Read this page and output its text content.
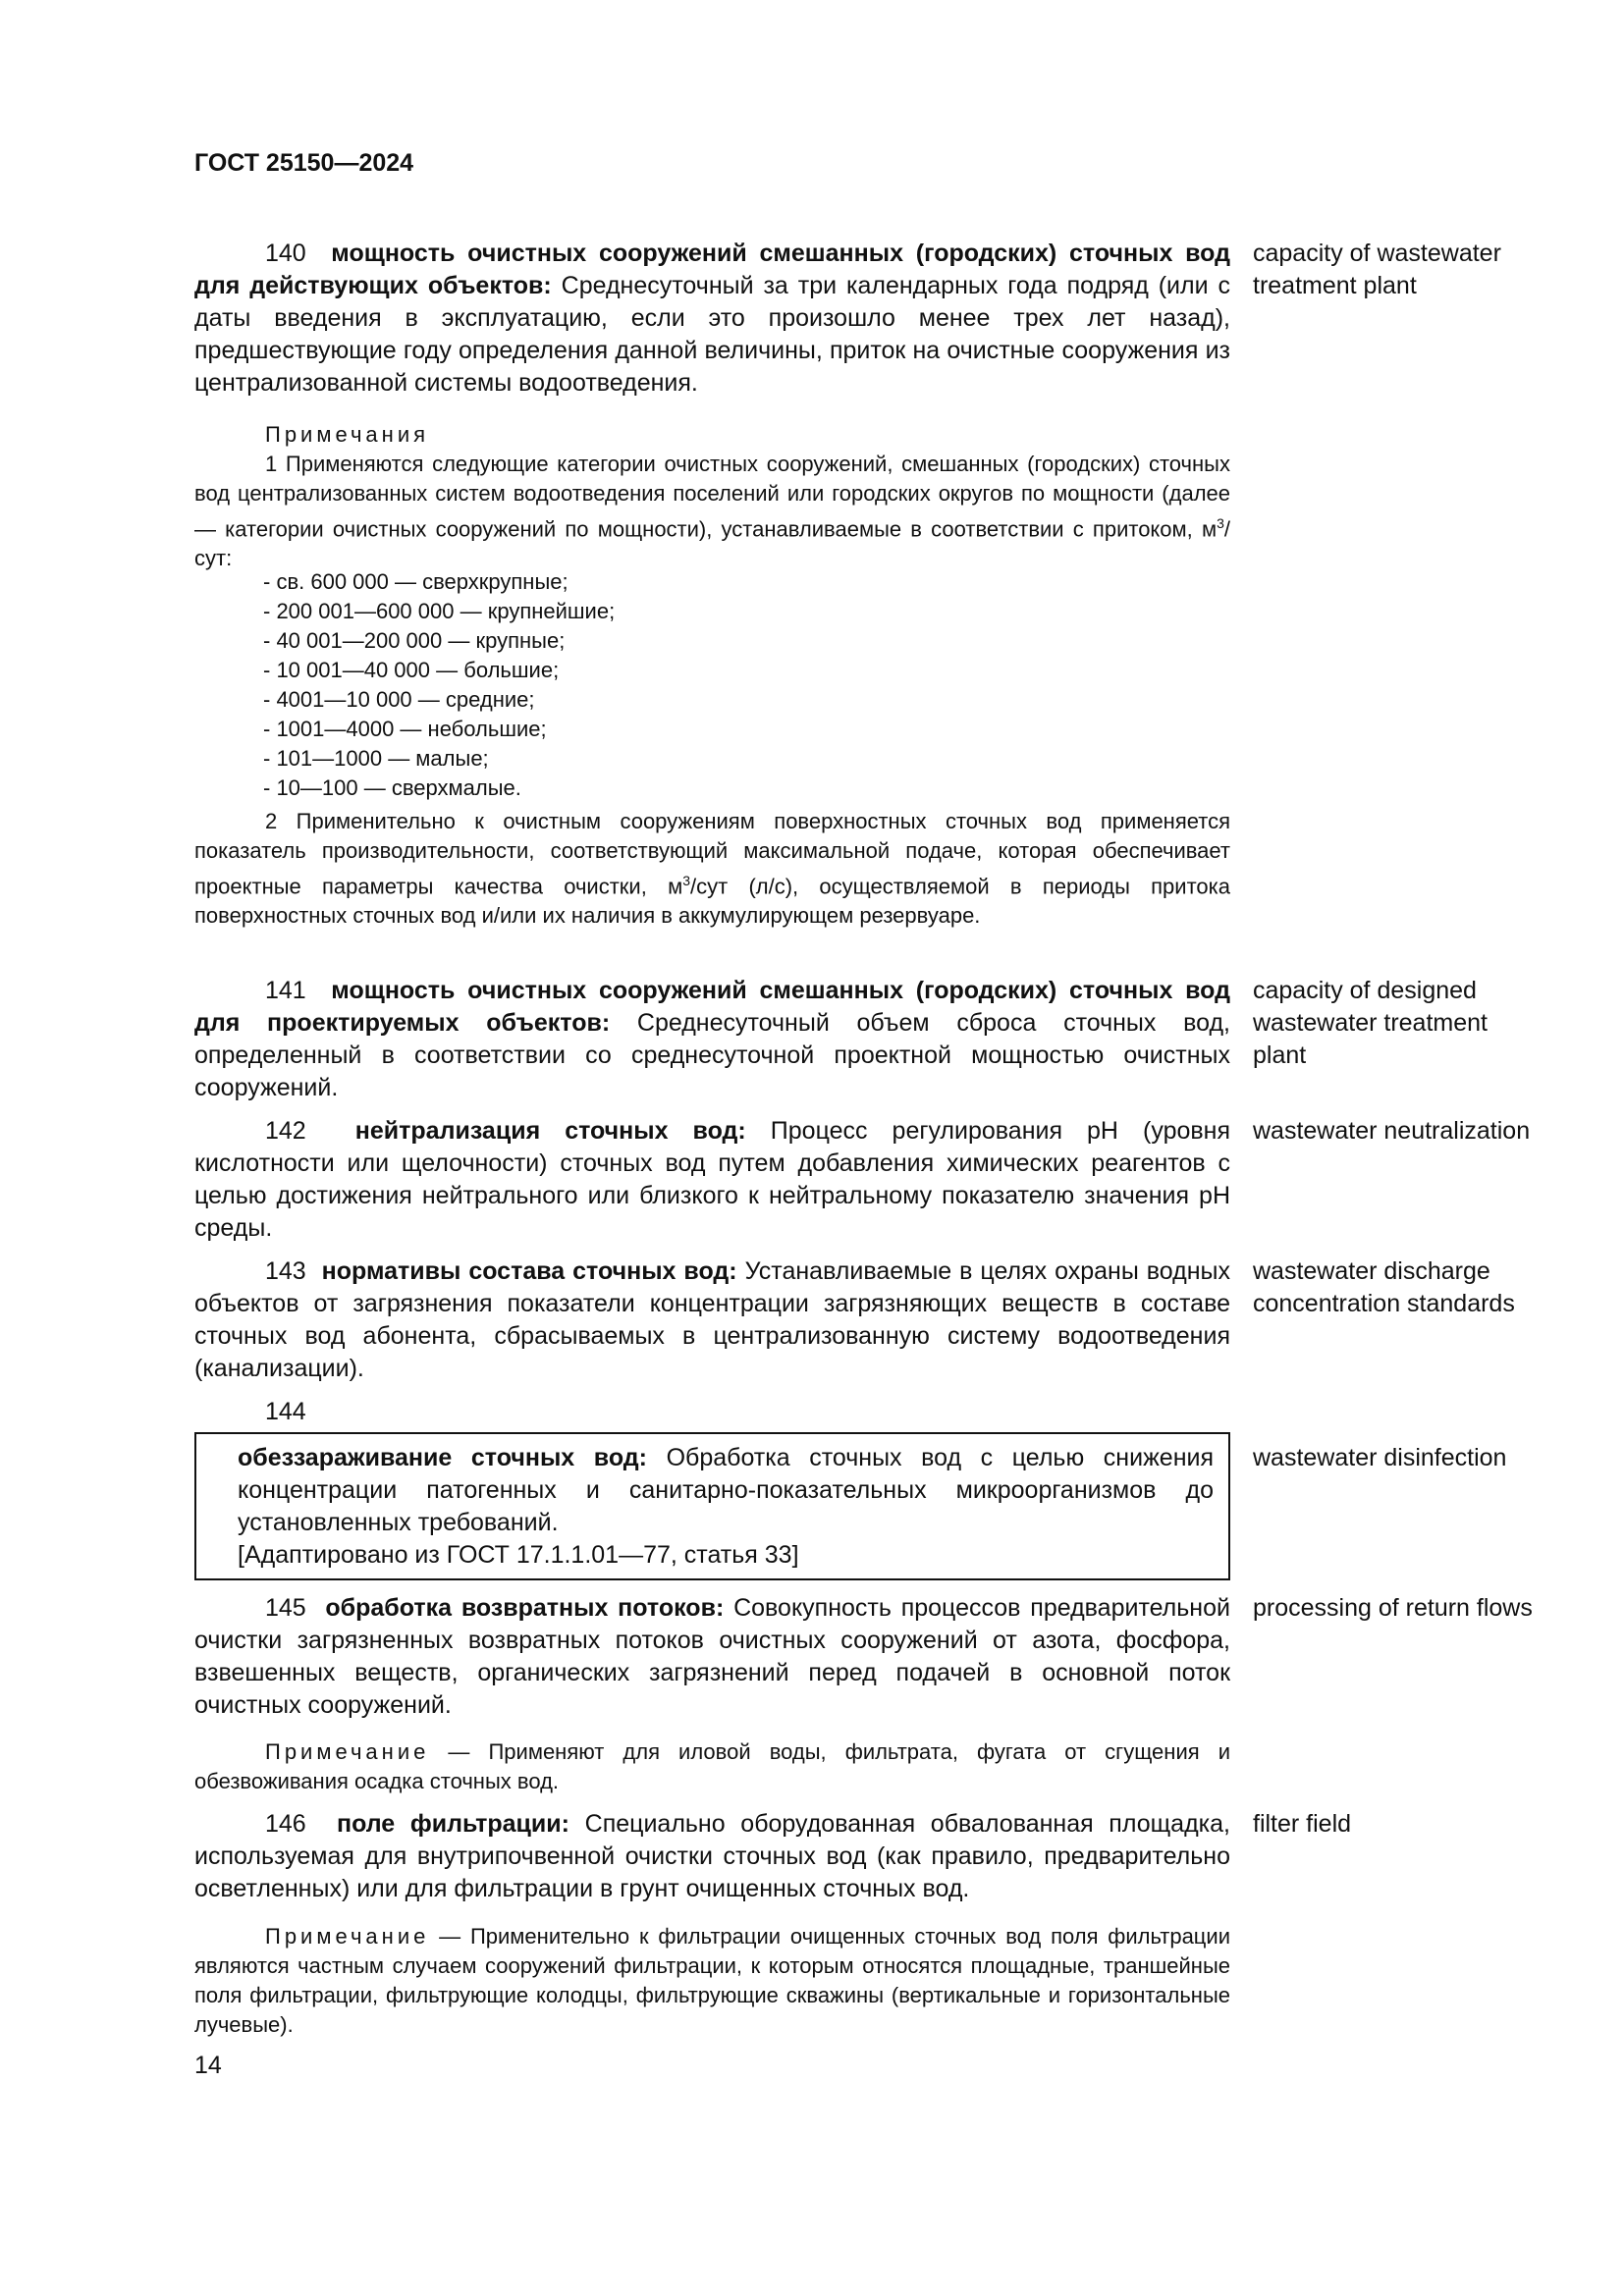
ГОСТ 25150—2024
140 мощность очистных сооружений смешанных (городских) сточных вод для действующих объектов: Среднесуточный за три календарных года подряд (или с даты введения в эксплуатацию, если это произошло менее трех лет назад), предшествующие году определения данной величины, приток на очистные сооружения из централизованной системы водоотведения.
capacity of wastewater treatment plant
Примечания
1 Применяются следующие категории очистных сооружений, смешанных (городских) сточных вод централизованных систем водоотведения поселений или городских округов по мощности (далее — категории очистных сооружений по мощности), устанавливаемые в соответствии с притоком, $м^3$/сут:
- св. 600 000 — сверхкрупные;
- 200 001—600 000 — крупнейшие;
- 40 001—200 000 — крупные;
- 10 001—40 000 — большие;
- 4001—10 000 — средние;
- 1001—4000 — небольшие;
- 101—1000 — малые;
- 10—100 — сверхмалые.
2 Применительно к очистным сооружениям поверхностных сточных вод применяется показатель производительности, соответствующий максимальной подаче, которая обеспечивает проектные параметры качества очистки, $м^3$/сут (л/с), осуществляемой в периоды притока поверхностных сточных вод и/или их наличия в аккумулирующем резервуаре.
141 мощность очистных сооружений смешанных (городских) сточных вод для проектируемых объектов: Среднесуточный объем сброса сточных вод, определенный в соответствии со среднесуточной проектной мощностью очистных сооружений.
capacity of designed wastewater treatment plant
142 нейтрализация сточных вод: Процесс регулирования pH (уровня кислотности или щелочности) сточных вод путем добавления химических реагентов с целью достижения нейтрального или близкого к нейтральному показателю значения pH среды.
wastewater neutralization
143 нормативы состава сточных вод: Устанавливаемые в целях охраны водных объектов от загрязнения показатели концентрации загрязняющих веществ в составе сточных вод абонента, сбрасываемых в централизованную систему водоотведения (канализации).
wastewater discharge concentration standards
144
обеззараживание сточных вод: Обработка сточных вод с целью снижения концентрации патогенных и санитарно-показательных микроорганизмов до установленных требований.
[Адаптировано из ГОСТ 17.1.1.01—77, статья 33]
wastewater disinfection
145 обработка возвратных потоков: Совокупность процессов предварительной очистки загрязненных возвратных потоков очистных сооружений от азота, фосфора, взвешенных веществ, органических загрязнений перед подачей в основной поток очистных сооружений.
processing of return flows
Примечание — Применяют для иловой воды, фильтрата, фугата от сгущения и обезвоживания осадка сточных вод.
146 поле фильтрации: Специально оборудованная обвалованная площадка, используемая для внутрипочвенной очистки сточных вод (как правило, предварительно осветленных) или для фильтрации в грунт очищенных сточных вод.
filter field
Примечание — Применительно к фильтрации очищенных сточных вод поля фильтрации являются частным случаем сооружений фильтрации, к которым относятся площадные, траншейные поля фильтрации, фильтрующие колодцы, фильтрующие скважины (вертикальные и горизонтальные лучевые).
14
